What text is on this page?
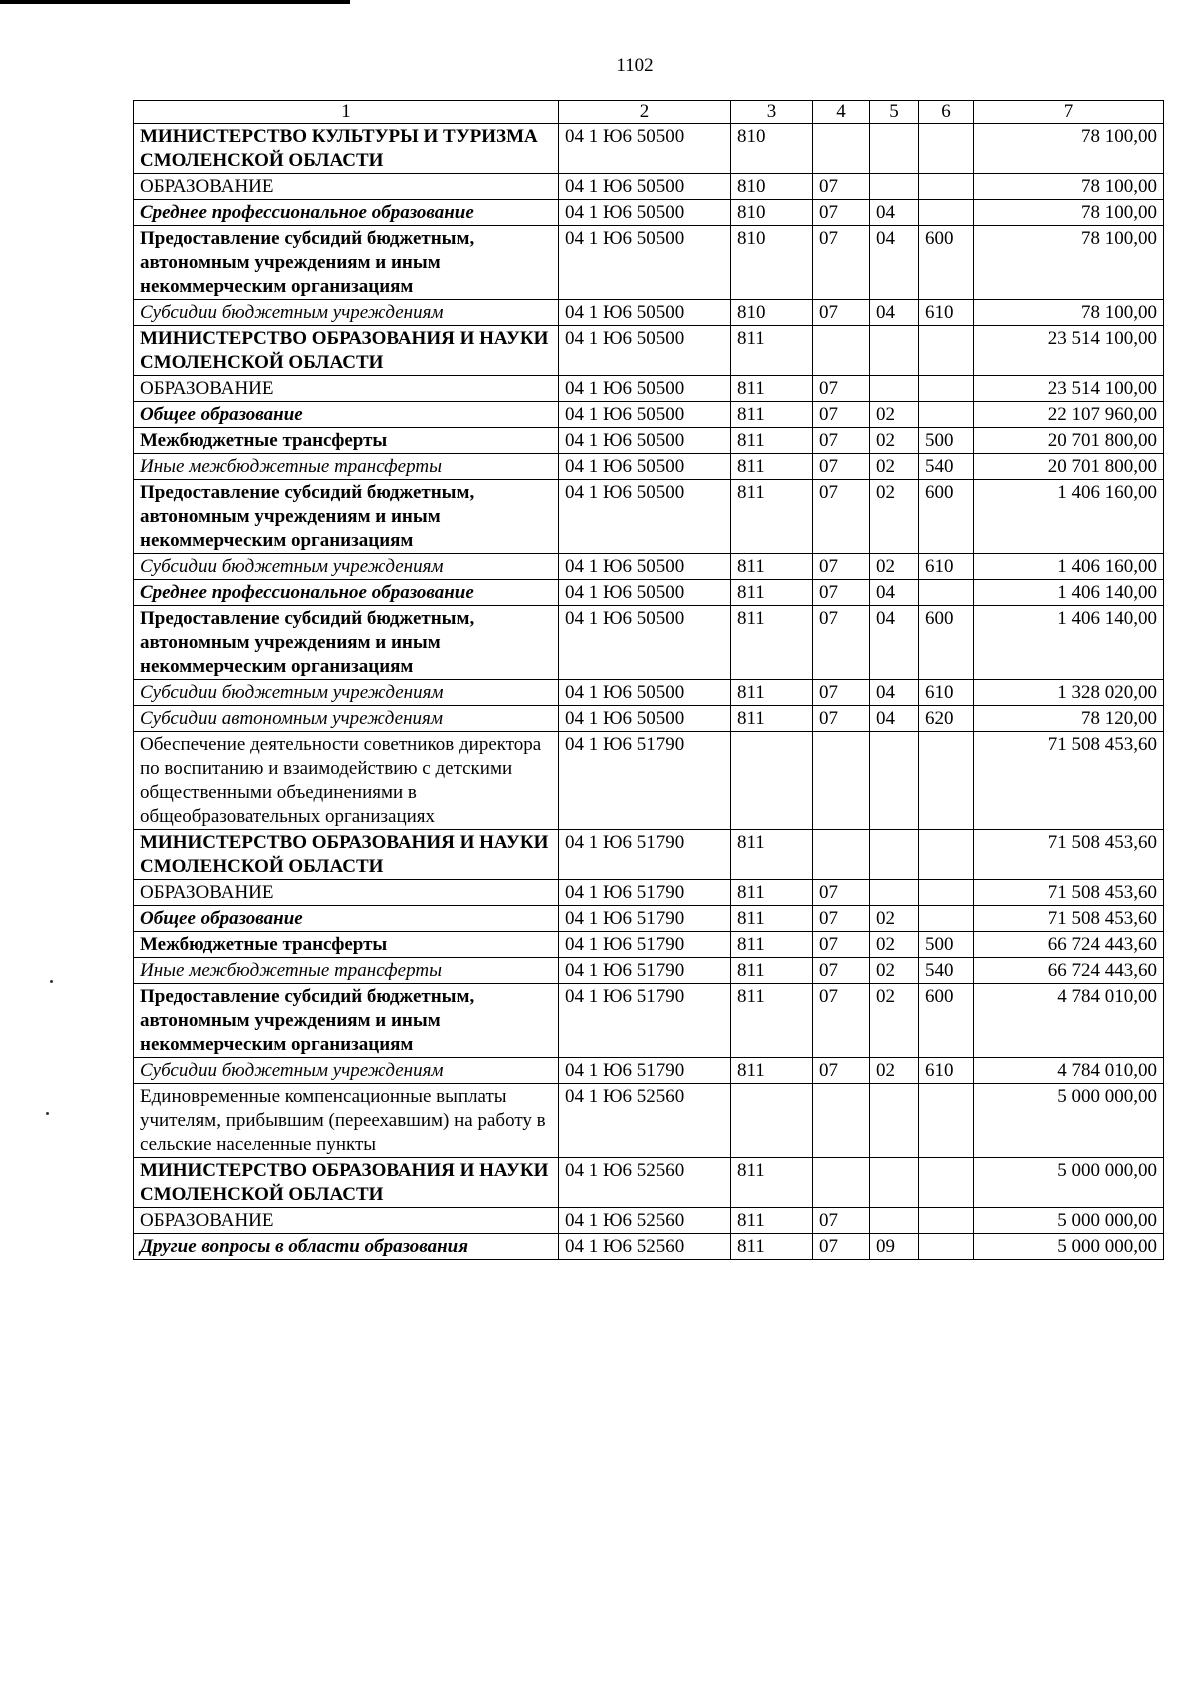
1102
1	2	3	4	5	6	7
МИНИСТЕРСТВО КУЛЬТУРЫ И ТУРИЗМА СМОЛЕНСКОЙ ОБЛАСТИ	04 1 Ю6 50500	810				78 100,00
ОБРАЗОВАНИЕ	04 1 Ю6 50500	810	07			78 100,00
Среднее профессиональное образование	04 1 Ю6 50500	810	07	04		78 100,00
Предоставление субсидий бюджетным, автономным учреждениям и иным некоммерческим организациям	04 1 Ю6 50500	810	07	04	600	78 100,00
Субсидии бюджетным учреждениям	04 1 Ю6 50500	810	07	04	610	78 100,00
МИНИСТЕРСТВО ОБРАЗОВАНИЯ И НАУКИ СМОЛЕНСКОЙ ОБЛАСТИ	04 1 Ю6 50500	811				23 514 100,00
ОБРАЗОВАНИЕ	04 1 Ю6 50500	811	07			23 514 100,00
Общее образование	04 1 Ю6 50500	811	07	02		22 107 960,00
Межбюджетные трансферты	04 1 Ю6 50500	811	07	02	500	20 701 800,00
Иные межбюджетные трансферты	04 1 Ю6 50500	811	07	02	540	20 701 800,00
Предоставление субсидий бюджетным, автономным учреждениям и иным некоммерческим организациям	04 1 Ю6 50500	811	07	02	600	1 406 160,00
Субсидии бюджетным учреждениям	04 1 Ю6 50500	811	07	02	610	1 406 160,00
Среднее профессиональное образование	04 1 Ю6 50500	811	07	04		1 406 140,00
Предоставление субсидий бюджетным, автономным учреждениям и иным некоммерческим организациям	04 1 Ю6 50500	811	07	04	600	1 406 140,00
Субсидии бюджетным учреждениям	04 1 Ю6 50500	811	07	04	610	1 328 020,00
Субсидии автономным учреждениям	04 1 Ю6 50500	811	07	04	620	78 120,00
Обеспечение деятельности советников директора по воспитанию и взаимодействию с детскими общественными объединениями в общеобразовательных организациях	04 1 Ю6 51790					71 508 453,60
МИНИСТЕРСТВО ОБРАЗОВАНИЯ И НАУКИ СМОЛЕНСКОЙ ОБЛАСТИ	04 1 Ю6 51790	811				71 508 453,60
ОБРАЗОВАНИЕ	04 1 Ю6 51790	811	07			71 508 453,60
Общее образование	04 1 Ю6 51790	811	07	02		71 508 453,60
Межбюджетные трансферты	04 1 Ю6 51790	811	07	02	500	66 724 443,60
Иные межбюджетные трансферты	04 1 Ю6 51790	811	07	02	540	66 724 443,60
Предоставление субсидий бюджетным, автономным учреждениям и иным некоммерческим организациям	04 1 Ю6 51790	811	07	02	600	4 784 010,00
Субсидии бюджетным учреждениям	04 1 Ю6 51790	811	07	02	610	4 784 010,00
Единовременные компенсационные выплаты учителям, прибывшим (переехавшим) на работу в сельские населенные пункты	04 1 Ю6 52560					5 000 000,00
МИНИСТЕРСТВО ОБРАЗОВАНИЯ И НАУКИ СМОЛЕНСКОЙ ОБЛАСТИ	04 1 Ю6 52560	811				5 000 000,00
ОБРАЗОВАНИЕ	04 1 Ю6 52560	811	07			5 000 000,00
Другие вопросы в области образования	04 1 Ю6 52560	811	07	09		5 000 000,00
